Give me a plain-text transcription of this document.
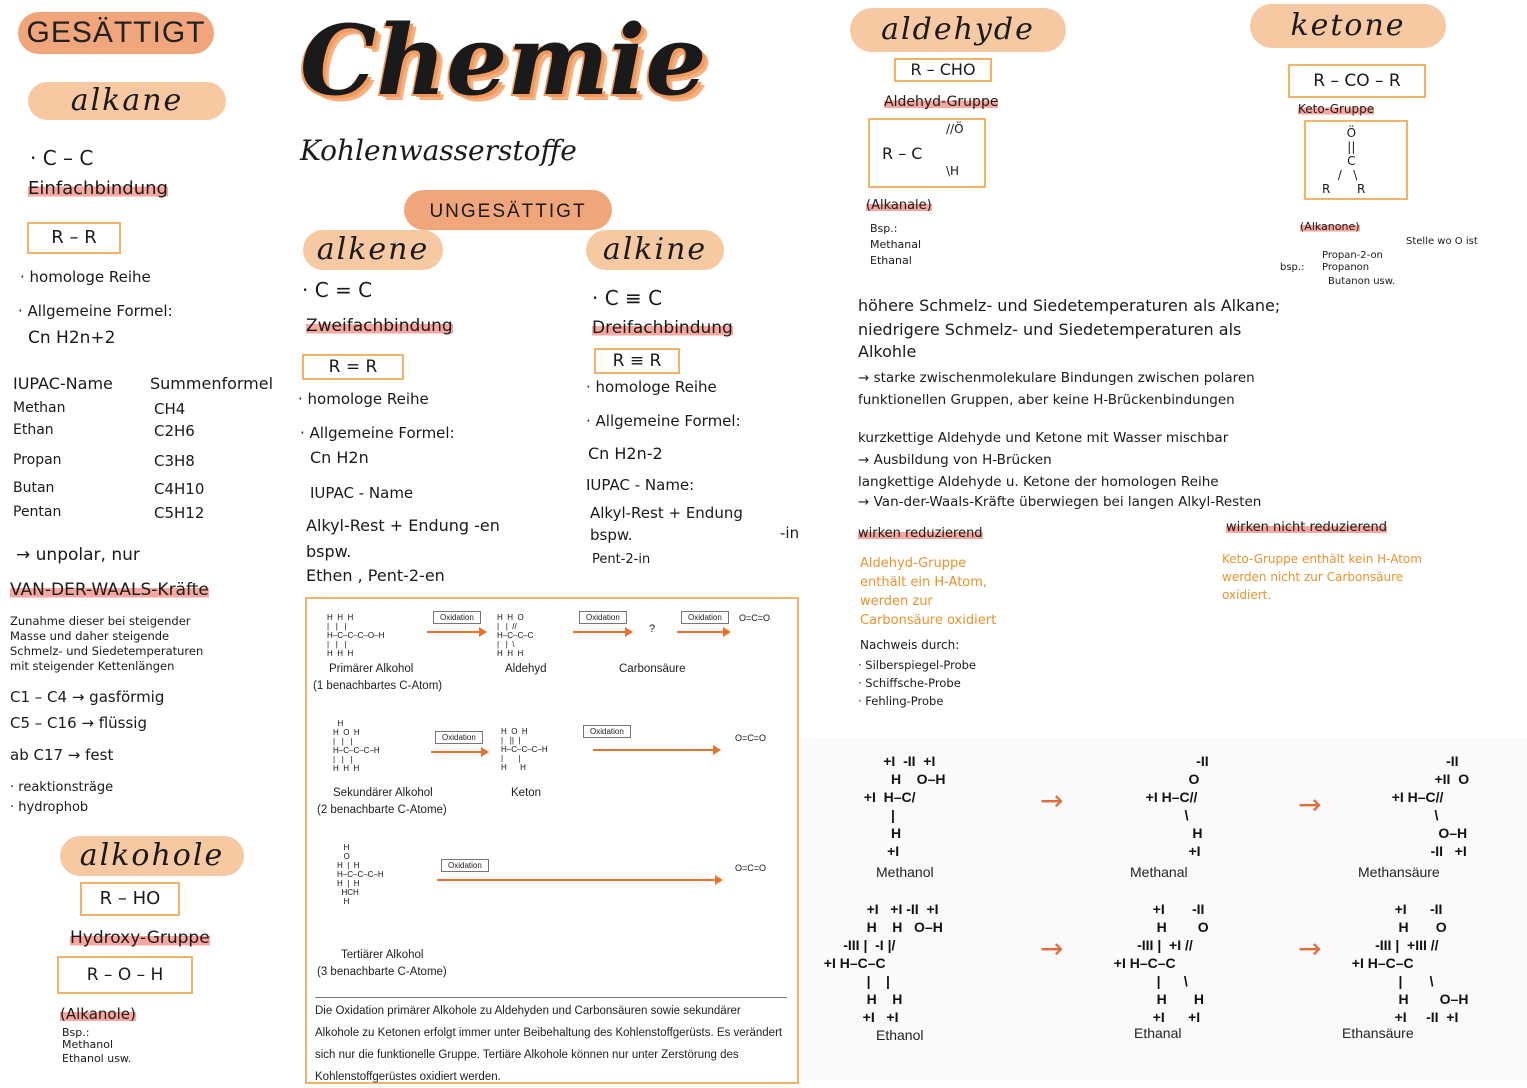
Chemie
Kohlenwasserstoffe
GESÄTTIGT
alkane
· C – C
Einfachbindung
R – R
· homologe Reihe
· Allgemeine Formel:
Cn H2n+2
IUPAC-Name Summenformel
Methan	CH4
Ethan	C2H6
Propan	C3H8
Butan	C4H10
Pentan	C5H12
→ unpolar, nur
VAN-DER-WAALS-Kräfte
Zunahme dieser bei steigender
Masse und daher steigende
Schmelz- und Siedetemperaturen
mit steigender Kettenlängen
C1 – C4 → gasförmig
C5 – C16 → flüssig
ab C17 → fest
· reaktionsträge
· hydrophob
alkohole
R – HO
Hydroxy-Gruppe
R – O – H
(Alkanole)
Bsp.:
Methanol
Ethanol usw.
UNGESÄTTIGT
alkene
· C = C
Zweifachbindung
R = R
· homologe Reihe
· Allgemeine Formel:
Cn H2n
IUPAC - Name
Alkyl-Rest + Endung -en
bspw.
Ethen , Pent-2-en
alkine
· C ≡ C
Dreifachbindung
R ≡ R
· homologe Reihe
· Allgemeine Formel:
Cn H2n-2
IUPAC - Name:
Alkyl-Rest + Endung
-in
bspw.
Pent-2-in
H  H  H
|   |   |
H–C–C–C–O–H
|   |   |
H  H  H
Oxidation	H  H  O
|   |  //
H–C–C–C
|   |  \
H  H  H
Oxidation
?
Oxidation	O=C=O
Primärer Alkohol
(1 benachbartes C-Atom)
Aldehyd	Carbonsäure
H
H  O  H
|   |   |
H–C–C–C–H
|   |   |
H  H  H
Oxidation
H  O  H
|   ||  |
H–C–C–C–H
|       |
H      H
Oxidation
O=C=O
Sekundärer Alkohol
(2 benachbarte C-Atome)
Keton
H
O
H  |  H
H–C–C–C–H
H  |  H
HCH
H
Oxidation	O=C=O
Tertiärer Alkohol
(3 benachbarte C-Atome)
Die Oxidation primärer Alkohole zu Aldehyden und Carbonsäuren sowie sekundärer Alkohole zu Ketonen erfolgt immer unter Beibehaltung des Kohlenstoffgerüsts. Es verändert sich nur die funktionelle Gruppe. Tertiäre Alkohole können nur unter Zerstörung des Kohlenstoffgerüstes oxidiert werden.
aldehyde
R – CHO
Aldehyd-Gruppe
R – C
//Ö
\H
(Alkanale)
Bsp.:
Methanal
Ethanal
ketone
R – CO – R
Keto-Gruppe
Ö
||
C
/   \
R       R
(Alkanone)
Stelle wo O ist
bsp.:
Propan-2-on
Propanon
Butanon usw.
höhere Schmelz- und Siedetemperaturen als Alkane;
niedrigere Schmelz- und Siedetemperaturen als
Alkohle
→ starke zwischenmolekulare Bindungen zwischen polaren
funktionellen Gruppen, aber keine H-Brückenbindungen
kurzkettige Aldehyde und Ketone mit Wasser mischbar
→ Ausbildung von H-Brücken
langkettige Aldehyde u. Ketone der homologen Reihe
→ Van-der-Waals-Kräfte überwiegen bei langen Alkyl-Resten
wirken reduzierend
Aldehyd-Gruppe
enthält ein H-Atom,
werden zur
Carbonsäure oxidiert
Nachweis durch:
· Silberspiegel-Probe
· Schiffsche-Probe
· Fehling-Probe
wirken nicht reduzierend
Keto-Gruppe enthält kein H-Atom
werden nicht zur Carbonsäure
oxidiert.
+I  -II  +I
H    O–H
+I  H–C/
|
H
+I
→
-II
O
+I H–C//
\
H
+I
→
-II
+II  O
+I H–C//
\
O–H
-II   +I
Methanol	Methanal	Methansäure
+I   +I -II  +I
H    H   O–H
-III |  -I |/
+I H–C–C
|    |
H    H
+I   +I
→
+I       -II
H        O
-III |  +I //
+I H–C–C
|      \
H       H
+I      +I
→
+I      -II
H       O
-III |  +III //
+I H–C–C
|       \
H        O–H
+I     -II  +I
Ethanol	Ethanal	Ethansäure
